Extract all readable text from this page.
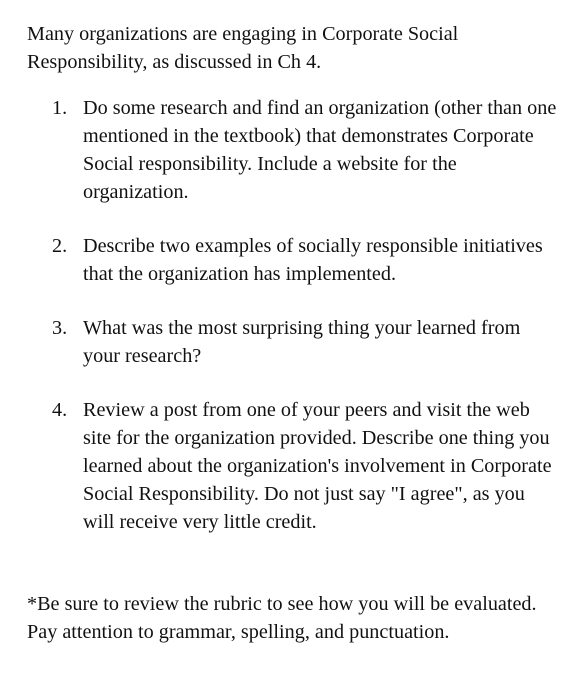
Many organizations are engaging in Corporate Social Responsibility, as discussed in Ch 4.

1. Do some research and find an organization (other than one mentioned in the textbook) that demonstrates Corporate Social responsibility. Include a website for the organization.
2. Describe two examples of socially responsible initiatives that the organization has implemented.
3. What was the most surprising thing your learned from your research?
4. Review a post from one of your peers and visit the web site for the organization provided. Describe one thing you learned about the organization's involvement in Corporate Social Responsibility. Do not just say "I agree", as you will receive very little credit.

*Be sure to review the rubric to see how you will be evaluated. Pay attention to grammar, spelling, and punctuation.
